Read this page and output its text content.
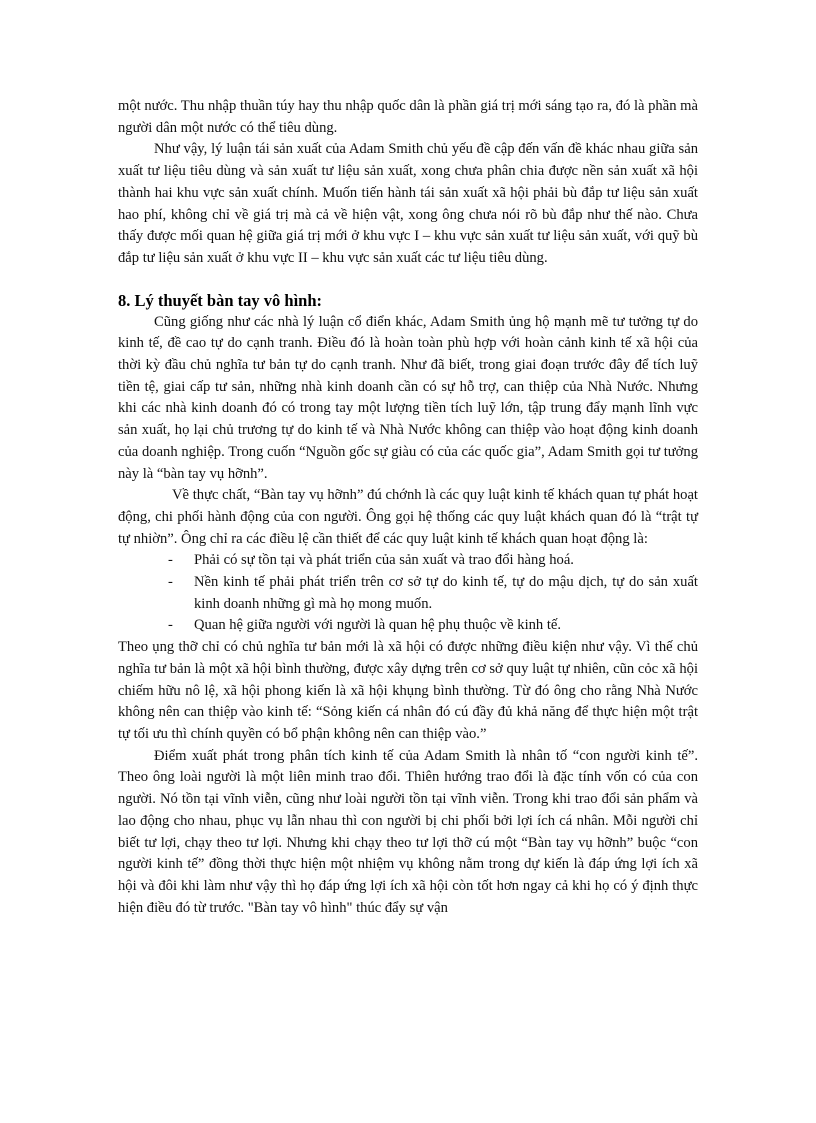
một nước. Thu nhập thuần túy hay thu nhập quốc dân là phần giá trị mới sáng tạo ra, đó là phần mà người dân một nước có thể tiêu dùng.

Như vậy, lý luận tái sản xuất của Adam Smith chủ yếu đề cập đến vấn đề khác nhau giữa sản xuất tư liệu tiêu dùng và sản xuất tư liệu sản xuất, xong chưa phân chia được nền sản xuất xã hội thành hai khu vực sản xuất chính. Muốn tiến hành tái sản xuất xã hội phải bù đắp tư liệu sản xuất hao phí, không chỉ về giá trị mà cả về hiện vật, xong ông chưa nói rõ bù đắp như thế nào. Chưa thấy được mối quan hệ giữa giá trị mới ở khu vực I – khu vực sản xuất tư liệu sản xuất, với quỹ bù đắp tư liệu sản xuất ở khu vực II – khu vực sản xuất các tư liệu tiêu dùng.

8. Lý thuyết bàn tay vô hình:

Cũng giống như các nhà lý luận cổ điển khác, Adam Smith ủng hộ mạnh mẽ tư tưởng tự do kinh tế, đề cao tự do cạnh tranh. Điều đó là hoàn toàn phù hợp với hoàn cảnh kinh tế xã hội của thời kỳ đầu chủ nghĩa tư bản tự do cạnh tranh. Như đã biết, trong giai đoạn trước đây để tích luỹ tiền tệ, giai cấp tư sản, những nhà kinh doanh cần có sự hỗ trợ, can thiệp của Nhà Nước. Nhưng khi các nhà kinh doanh đó có trong tay một lượng tiền tích luỹ lớn, tập trung đẩy mạnh lĩnh vực sản xuất, họ lại chủ trương tự do kinh tế và Nhà Nước không can thiệp vào hoạt động kinh doanh của doanh nghiệp. Trong cuốn “Nguồn gốc sự giàu có của các quốc gia”, Adam Smith gọi tư tưởng này là “bàn tay vụ hỡnh”.

Về thực chất, “Bàn tay vụ hỡnh” đú chớnh là các quy luật kinh tế khách quan tự phát hoạt động, chi phối hành động của con người. Ông gọi hệ thống các quy luật khách quan đó là “trật tự tự nhiờn”. Ông chỉ ra các điều lệ cần thiết để các quy luật kinh tế khách quan hoạt động là:

- Phải có sự tồn tại và phát triển của sản xuất và trao đổi hàng hoá.
- Nền kinh tế phải phát triển trên cơ sở tự do kinh tế, tự do mậu dịch, tự do sản xuất kinh doanh những gì mà họ mong muốn.
- Quan hệ giữa người với người là quan hệ phụ thuộc về kinh tế.

Theo ụng thỡ chỉ có chủ nghĩa tư bản mới là xã hội có được những điều kiện như vậy. Vì thế chủ nghĩa tư bản là một xã hội bình thường, được xây dựng trên cơ sở quy luật tự nhiên, cũn cỏc xã hội chiếm hữu nô lệ, xã hội phong kiến là xã hội khụng bình thường. Từ đó ông cho rằng Nhà Nước không nên can thiệp vào kinh tế: “Sỏng kiến cá nhân đó cú đầy đủ khả năng để thực hiện một trật tự tối ưu thì chính quyền có bổ phận không nên can thiệp vào.”

Điểm xuất phát trong phân tích kinh tế của Adam Smith là nhân tố “con người kinh tế”. Theo ông loài người là một liên minh trao đổi. Thiên hướng trao đổi là đặc tính vốn có của con người. Nó tồn tại vĩnh viễn, cũng như loài người tồn tại vĩnh viễn. Trong khi trao đổi sản phẩm và lao động cho nhau, phục vụ lẫn nhau thì con người bị chi phối bởi lợi ích cá nhân. Mỗi người chỉ biết tư lợi, chạy theo tư lợi. Nhưng khi chạy theo tư lợi thỡ cú một “Bàn tay vụ hỡnh” buộc “con người kinh tế” đồng thời thực hiện một nhiệm vụ không nằm trong dự kiến là đáp ứng lợi ích xã hội và đôi khi làm như vậy thì họ đáp ứng lợi ích xã hội còn tốt hơn ngay cả khi họ có ý định thực hiện điều đó từ trước. "Bàn tay vô hình" thúc đẩy sự vận
